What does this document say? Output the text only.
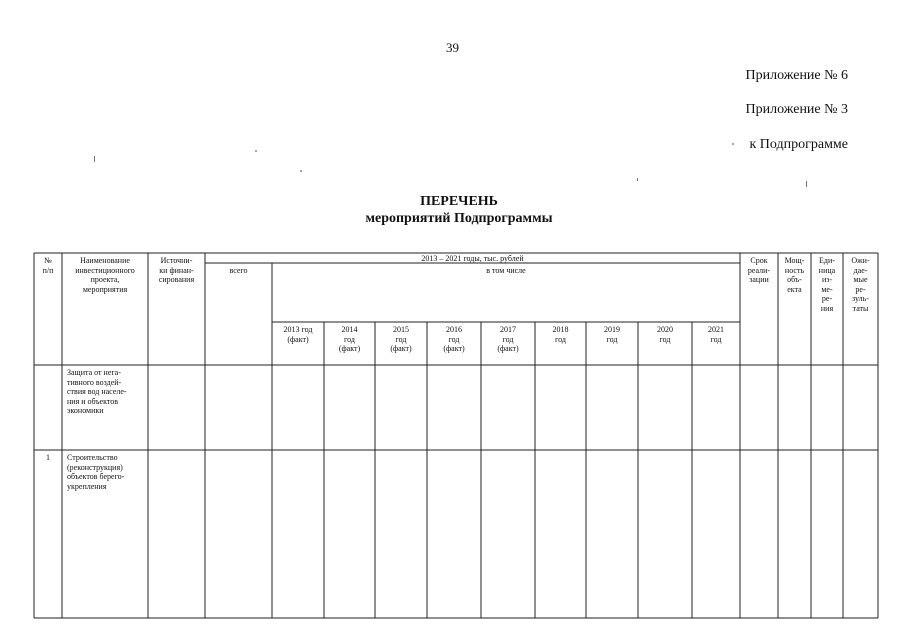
39
Приложение № 6
Приложение № 3
к Подпрограмме
ПЕРЕЧЕНЬ
мероприятий Подпрограммы
№
п/п
Наименование
инвестиционного
проекта,
мероприятия
Источни-
ки финан-
сирования
2013 – 2021 годы, тыс. рублей
всего	в том числе
Срок
реали-
зации
Мощ-
ность
объ-
екта
Еди-
ница
из-
ме-
ре-
ния
Ожи-
дае-
мые
ре-
зуль-
таты
2013 год
(факт)
2014
год
(факт)
2015
год
(факт)
2016
год
(факт)
2017
год
(факт)
2018
год
2019
год
2020
год
2021
год
Защита от нега-
тивного воздей-
ствия вод населе-
ния и объектов
экономики
1	Строительство
(реконструкция)
объектов берего-
укрепления
